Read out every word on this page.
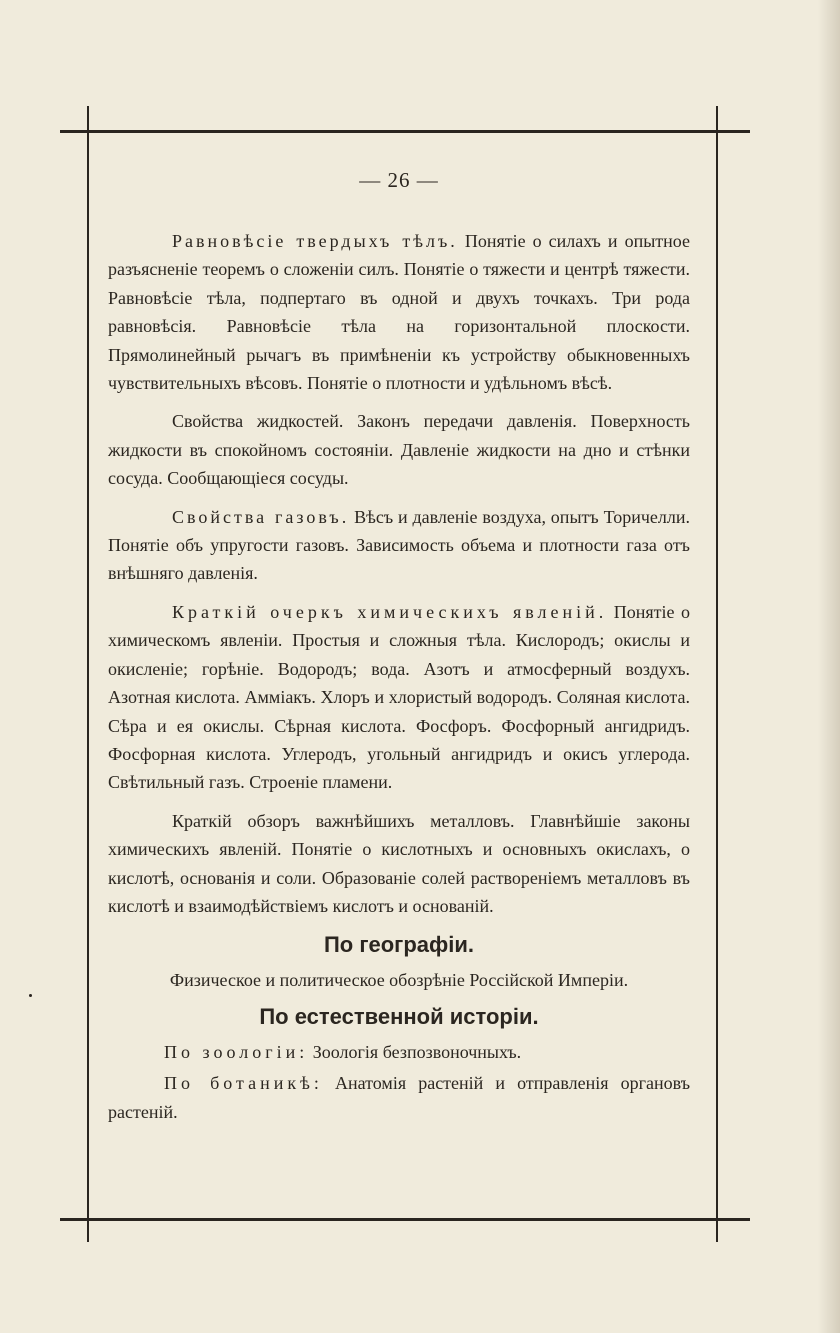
— 26 —

Равновѣсіе твердыхъ тѣлъ. Понятіе о силахъ и опытное разъясненіе теоремъ о сложеніи силъ. Понятіе о тяжести и центрѣ тяжести. Равновѣсіе тѣла, подпертаго въ одной и двухъ точкахъ. Три рода равновѣсія. Равновѣсіе тѣла на горизонтальной плоскости. Прямолинейный рычагъ въ примѣненіи къ устройству обыкновенныхъ чувствительныхъ вѣсовъ. Понятіе о плотности и удѣльномъ вѣсѣ.

Свойства жидкостей. Законъ передачи давленія. Поверхность жидкости въ спокойномъ состояніи. Давленіе жидкости на дно и стѣнки сосуда. Сообщающіеся сосуды.

Свойства газовъ. Вѣсъ и давленіе воздуха, опытъ Торичелли. Понятіе объ упругости газовъ. Зависимость объема и плотности газа отъ внѣшняго давленія.

Краткій очеркъ химическихъ явленій. Понятіе о химическомъ явленіи. Простыя и сложныя тѣла. Кислородъ; окислы и окисленіе; горѣніе. Водородъ; вода. Азотъ и атмосферный воздухъ. Азотная кислота. Аммiакъ. Хлоръ и хлористый водородъ. Соляная кислота. Сѣра и ея окислы. Сѣрная кислота. Фосфоръ. Фосфорный ангидридъ. Фосфорная кислота. Углеродъ, угольный ангидридъ и окисъ углерода. Свѣтильный газъ. Строеніе пламени.

Краткій обзоръ важнѣйшихъ металловъ. Главнѣйшіе законы химическихъ явленій. Понятіе о кислотныхъ и основныхъ окислахъ, о кислотѣ, основанія и соли. Образованіе солей раствореніемъ металловъ въ кислотѣ и взаимодѣйствіемъ кислотъ и основаній.

По географіи.
Физическое и политическое обозрѣніе Россійской Имперіи.
По естественной исторіи.

По зоологіи: Зоологія безпозвоночныхъ.

По ботаникѣ: Анатомія растеній и отправленія органовъ растеній.
